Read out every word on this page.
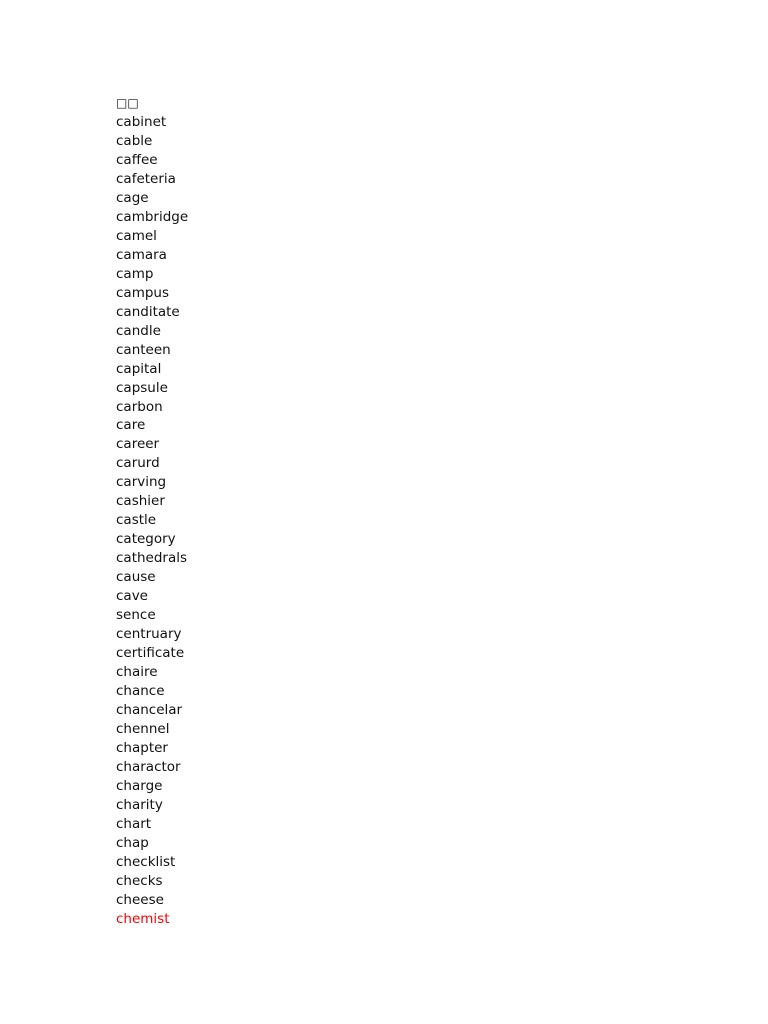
□□
cabinet
cable
caffee
cafeteria
cage
cambridge
camel
camara
camp
campus
canditate
candle
canteen
capital
capsule
carbon
care
career
carurd
carving
cashier
castle
category
cathedrals
cause
cave
sence
centruary
certificate
chaire
chance
chancelar
chennel
chapter
charactor
charge
charity
chart
chap
checklist
checks
cheese
chemist
